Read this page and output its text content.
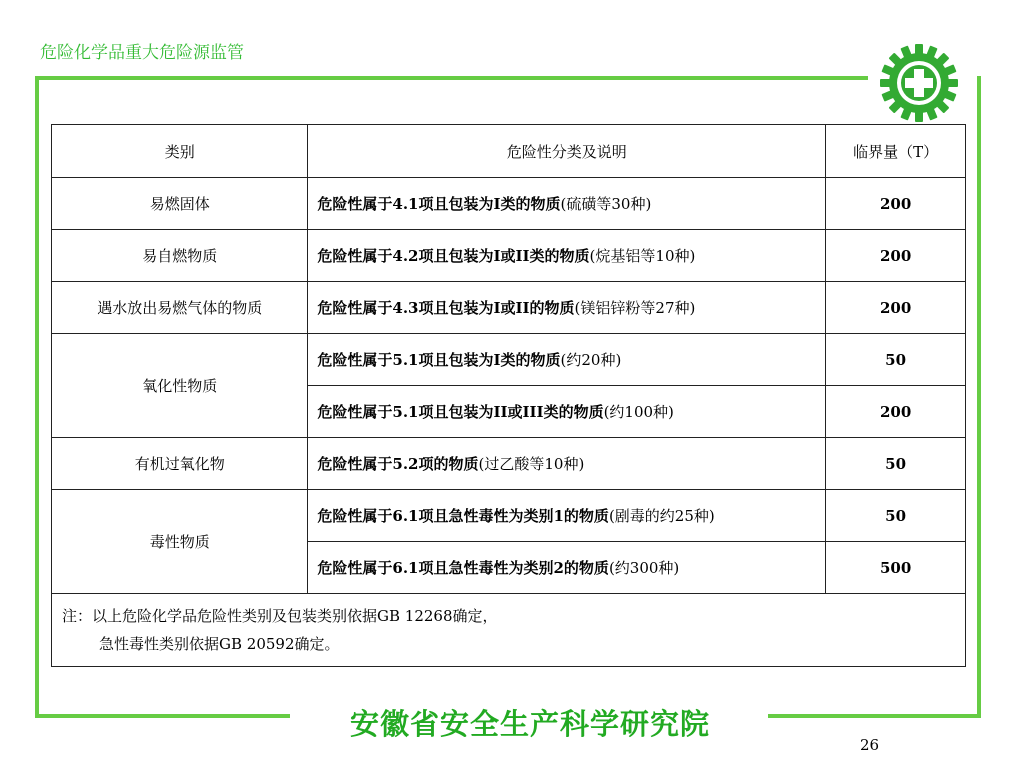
危险化学品重大危险源监管
类别	危险性分类及说明	临界量（T）
易燃固体	危险性属于4.1项且包装为I类的物质(硫磺等30种)	200
易自燃物质	危险性属于4.2项且包装为I或II类的物质(烷基铝等10种)	200
遇水放出易燃气体的物质	危险性属于4.3项且包装为I或II的物质(镁铝锌粉等27种)	200
氧化性物质	危险性属于5.1项且包装为I类的物质(约20种)	50
	危险性属于5.1项且包装为II或III类的物质(约100种)	200
有机过氧化物	危险性属于5.2项的物质(过乙酸等10种)	50
毒性物质	危险性属于6.1项且急性毒性为类别1的物质(剧毒的约25种)	50
	危险性属于6.1项且急性毒性为类别2的物质(约300种)	500

注：以上危险化学品危险性类别及包装类别依据GB 12268确定，
急性毒性类别依据GB 20592确定。		
安徽省安全生产科学研究院
26
